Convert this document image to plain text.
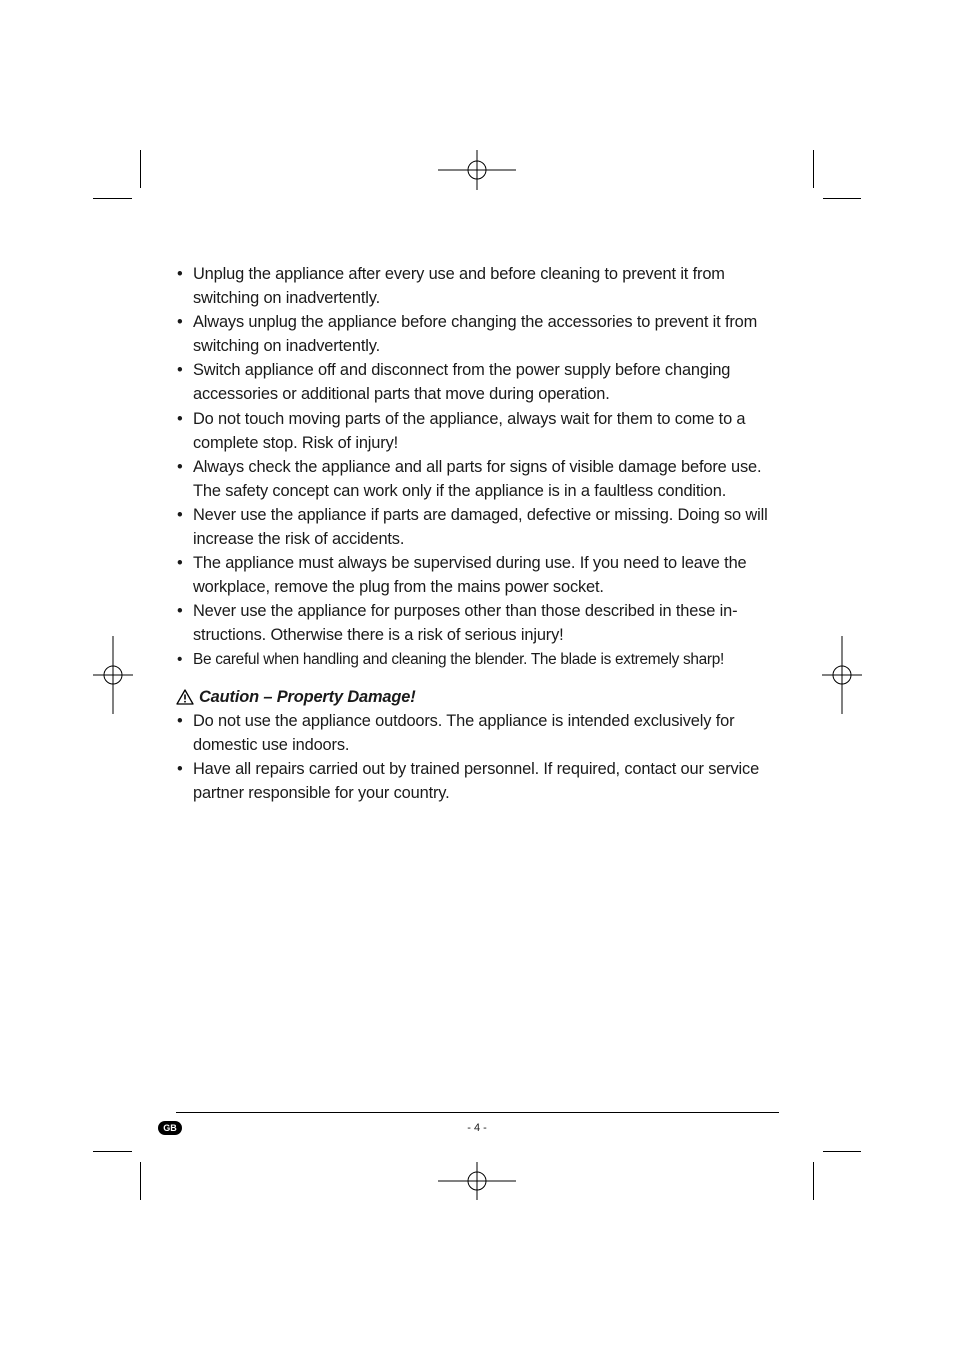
• Unplug the appliance after every use and before cleaning to prevent it from switching on inadvertently.
• Always unplug the appliance before changing the accessories to prevent it from switching on inadvertently.
• Switch appliance off and disconnect from the power supply before changing accessories or additional parts that move during operation.
• Do not touch moving parts of the appliance, always wait for them to come to a complete stop. Risk of injury!
• Always check the appliance and all parts for signs of visible damage before use. The safety concept can work only if the appliance is in a faultless condition.
• Never use the appliance if parts are damaged, defective or missing. Doing so will increase the risk of accidents.
• The appliance must always be supervised during use. If you need to leave the workplace, remove the plug from the mains power socket.
• Never use the appliance for purposes other than those described in these in-structions. Otherwise there is a risk of serious injury!
• Be careful when handling and cleaning the blender. The blade is extremely sharp!
Caution – Property Damage!
• Do not use the appliance outdoors. The appliance is intended exclusively for domestic use indoors.
• Have all repairs carried out by trained personnel. If required, contact our service partner responsible for your country.
GB	- 4 -
